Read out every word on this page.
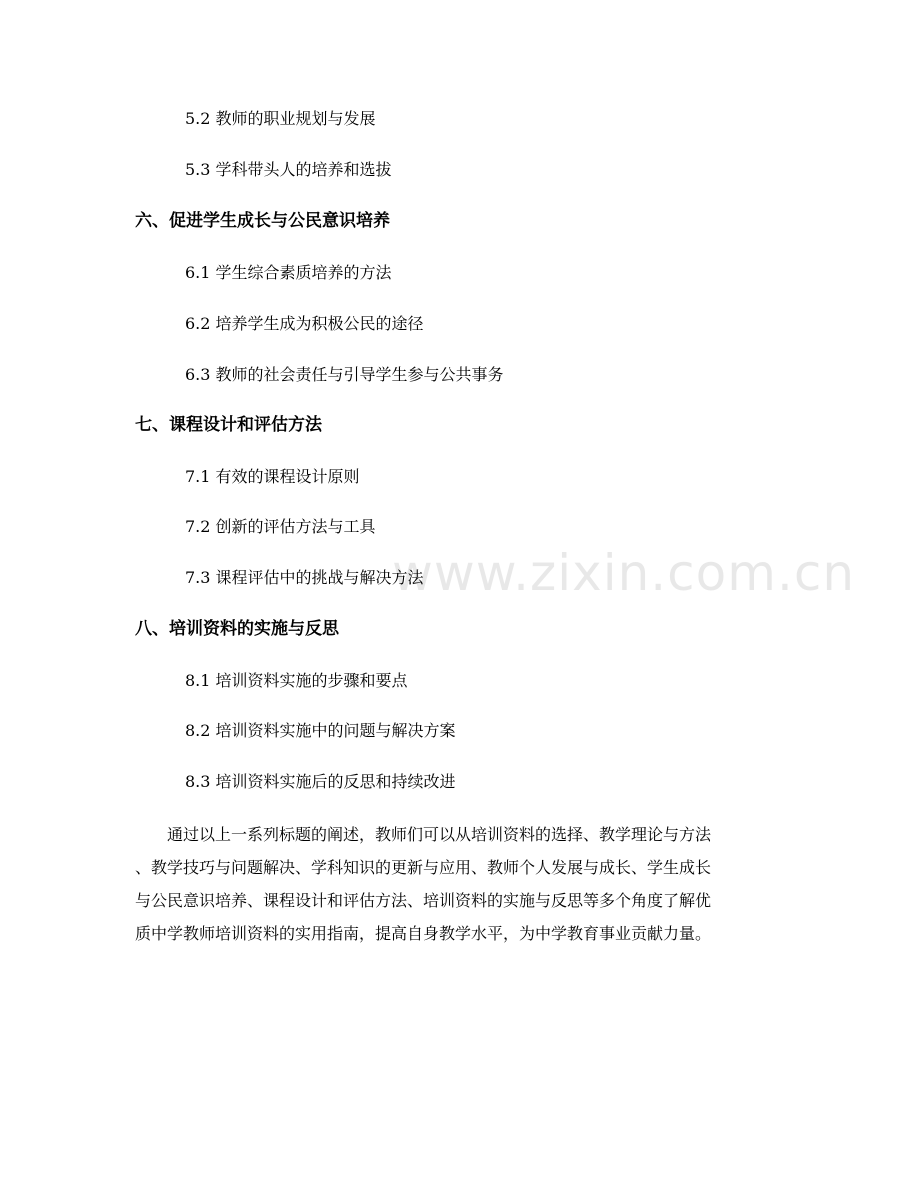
5.2 教师的职业规划与发展
5.3 学科带头人的培养和选拔
六、促进学生成长与公民意识培养
6.1 学生综合素质培养的方法
6.2 培养学生成为积极公民的途径
6.3 教师的社会责任与引导学生参与公共事务
七、课程设计和评估方法
7.1 有效的课程设计原则
7.2 创新的评估方法与工具
7.3 课程评估中的挑战与解决方法
八、培训资料的实施与反思
8.1 培训资料实施的步骤和要点
8.2 培训资料实施中的问题与解决方案
8.3 培训资料实施后的反思和持续改进
通过以上一系列标题的阐述，教师们可以从培训资料的选择、教学理论与方法
、教学技巧与问题解决、学科知识的更新与应用、教师个人发展与成长、学生成长
与公民意识培养、课程设计和评估方法、培训资料的实施与反思等多个角度了解优
质中学教师培训资料的实用指南，提高自身教学水平，为中学教育事业贡献力量。
www.zixin.com.cn
